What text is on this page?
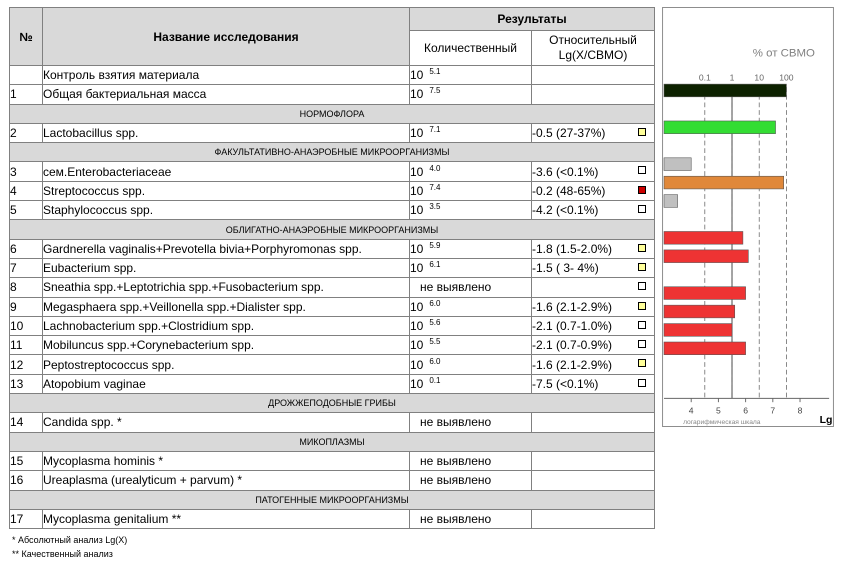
№	Название исследования	Результаты	
		Количественный	Относительный
Lg(X/СВМО)
	Контроль взятия материала	10 $^{5.1}$

1	Общая бактериальная масса	10 $^{7.5}$

НОРМОФЛОРА			
2	Lactobacillus spp.	10 $^{7.1}$	-0.5 (27-37%)

ФАКУЛЬТАТИВНО-АНАЭРОБНЫЕ МИКРООРГАНИЗМЫ			
3	сем.Enterobacteriaceae	10 $^{4.0}$	-3.6 (<0.1%)

4	Streptococcus spp.	10 $^{7.4}$	-0.2 (48-65%)

5	Staphylococcus spp.	10 $^{3.5}$	-4.2 (<0.1%)

ОБЛИГАТНО-АНАЭРОБНЫЕ МИКРООРГАНИЗМЫ			
6	Gardnerella vaginalis+Prevotella bivia+Porphyromonas spp.	10 $^{5.9}$	-1.8 (1.5-2.0%)

7	Eubacterium spp.	10 $^{6.1}$	-1.5 ( 3- 4%)

8	Sneathia spp.+Leptotrichia spp.+Fusobacterium spp.	не выявлено	

9	Megasphaera spp.+Veillonella spp.+Dialister spp.	10 $^{6.0}$	-1.6 (2.1-2.9%)

10	Lachnobacterium spp.+Clostridium spp.	10 $^{5.6}$	-2.1 (0.7-1.0%)

11	Mobiluncus spp.+Corynebacterium spp.	10 $^{5.5}$	-2.1 (0.7-0.9%)

12	Peptostreptococcus spp.	10 $^{6.0}$	-1.6 (2.1-2.9%)

13	Atopobium vaginae	10 $^{0.1}$	-7.5 (<0.1%)

ДРОЖЖЕПОДОБНЫЕ ГРИБЫ			
14	Candida spp. *	не выявлено

МИКОПЛАЗМЫ			
15	Mycoplasma hominis *	не выявлено

16	Ureaplasma (urealyticum + parvum) *	не выявлено

ПАТОГЕННЫЕ МИКРООРГАНИЗМЫ			
17	Mycoplasma genitalium **	не выявлено

% от СВМО
0.1 1 10 100
4 5 6 7 8
логарифмическая шкала	Lg
* Абсолютный анализ Lg(X)
** Качественный анализ
